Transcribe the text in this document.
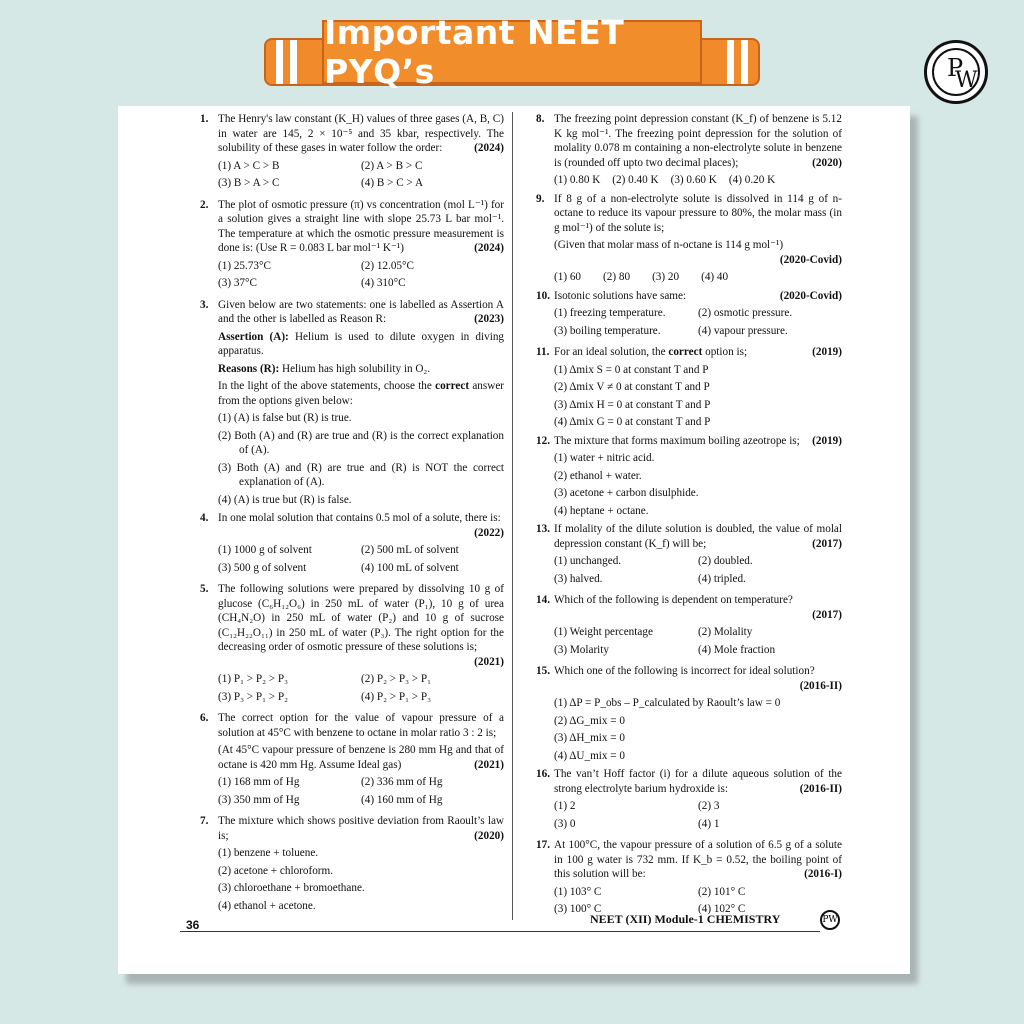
Important NEET PYQ’s	P
W
1. The Henry's law constant (K_H) values of three gases (A, B, C) in water are 145, 2 × 10⁻⁵ and 35 kbar, respectively. The solubility of these gases in water follow the order:	(2024)
(1) A > C > B	(2) A > B > C
(3) B > A > C	(4) B > C > A
2. The plot of osmotic pressure (π) vs concentration (mol L⁻¹) for a solution gives a straight line with slope 25.73 L bar mol⁻¹. The temperature at which the osmotic pressure measurement is done is: (Use R = 0.083 L bar mol⁻¹ K⁻¹)	(2024)
(1) 25.73°C	(2) 12.05°C
(3) 37°C	(4) 310°C
3. Given below are two statements: one is labelled as Assertion A and the other is labelled as Reason R:	(2023)
Assertion (A): Helium is used to dilute oxygen in diving apparatus.
Reasons (R): Helium has high solubility in O₂.
In the light of the above statements, choose the correct answer from the options given below:
(1) (A) is false but (R) is true.
(2) Both (A) and (R) are true and (R) is the correct explanation of (A).
(3) Both (A) and (R) are true and (R) is NOT the correct explanation of (A).
(4) (A) is true but (R) is false.
4. In one molal solution that contains 0.5 mol of a solute, there is:
(2022)
(1) 1000 g of solvent	(2) 500 mL of solvent
(3) 500 g of solvent	(4) 100 mL of solvent
5. The following solutions were prepared by dissolving 10 g of glucose (C₆H₁₂O₆) in 250 mL of water (P₁), 10 g of urea (CH₄N₂O) in 250 mL of water (P₂) and 10 g of sucrose (C₁₂H₂₂O₁₁) in 250 mL of water (P₃). The right option for the decreasing order of osmotic pressure of these solutions is;
(2021)
(1) P₁ > P₂ > P₃	(2) P₂ > P₃ > P₁
(3) P₃ > P₁ > P₂	(4) P₂ > P₁ > P₃
6. The correct option for the value of vapour pressure of a solution at 45°C with benzene to octane in molar ratio 3 : 2 is;
(At 45°C vapour pressure of benzene is 280 mm Hg and that of octane is 420 mm Hg. Assume Ideal gas)	(2021)
(1) 168 mm of Hg	(2) 336 mm of Hg
(3) 350 mm of Hg	(4) 160 mm of Hg
7. The mixture which shows positive deviation from Raoult’s law is;	(2020)
(1) benzene + toluene.
(2) acetone + chloroform.
(3) chloroethane + bromoethane.
(4) ethanol + acetone.
8. The freezing point depression constant (K_f) of benzene is 5.12 K kg mol⁻¹. The freezing point depression for the solution of molality 0.078 m containing a non-electrolyte solute in benzene is (rounded off upto two decimal places);	(2020)
(1) 0.80 K (2) 0.40 K (3) 0.60 K (4) 0.20 K
9. If 8 g of a non-electrolyte solute is dissolved in 114 g of n-octane to reduce its vapour pressure to 80%, the molar mass (in g mol⁻¹) of the solute is;
(Given that molar mass of n-octane is 114 g mol⁻¹)
(2020-Covid)
(1) 60 (2) 80 (3) 20 (4) 40
10. Isotonic solutions have same:	(2020-Covid)
(1) freezing temperature.	(2) osmotic pressure.
(3) boiling temperature.	(4) vapour pressure.
11. For an ideal solution, the correct option is;	(2019)
(1) Δmix S = 0 at constant T and P
(2) Δmix V ≠ 0 at constant T and P
(3) Δmix H = 0 at constant T and P
(4) Δmix G = 0 at constant T and P
12. The mixture that forms maximum boiling azeotrope is; (2019)
(1) water + nitric acid.
(2) ethanol + water.
(3) acetone + carbon disulphide.
(4) heptane + octane.
13. If molality of the dilute solution is doubled, the value of molal depression constant (K_f) will be;	(2017)
(1) unchanged.	(2) doubled.
(3) halved.	(4) tripled.
14. Which of the following is dependent on temperature?
(2017)
(1) Weight percentage	(2) Molality
(3) Molarity	(4) Mole fraction
15. Which one of the following is incorrect for ideal solution?
(2016-II)
(1) ΔP = P_obs – P_calculated by Raoult’s law = 0
(2) ΔG_mix = 0
(3) ΔH_mix = 0
(4) ΔU_mix = 0
16. The van’t Hoff factor (i) for a dilute aqueous solution of the strong electrolyte barium hydroxide is:	(2016-II)
(1) 2	(2) 3
(3) 0	(4) 1
17. At 100°C, the vapour pressure of a solution of 6.5 g of a solute in 100 g water is 732 mm. If K_b = 0.52, the boiling point of this solution will be:	(2016-I)
(1) 103° C	(2) 101° C
(3) 100° C	(4) 102° C
36	NEET (XII) Module-1 CHEMISTRY	PW
